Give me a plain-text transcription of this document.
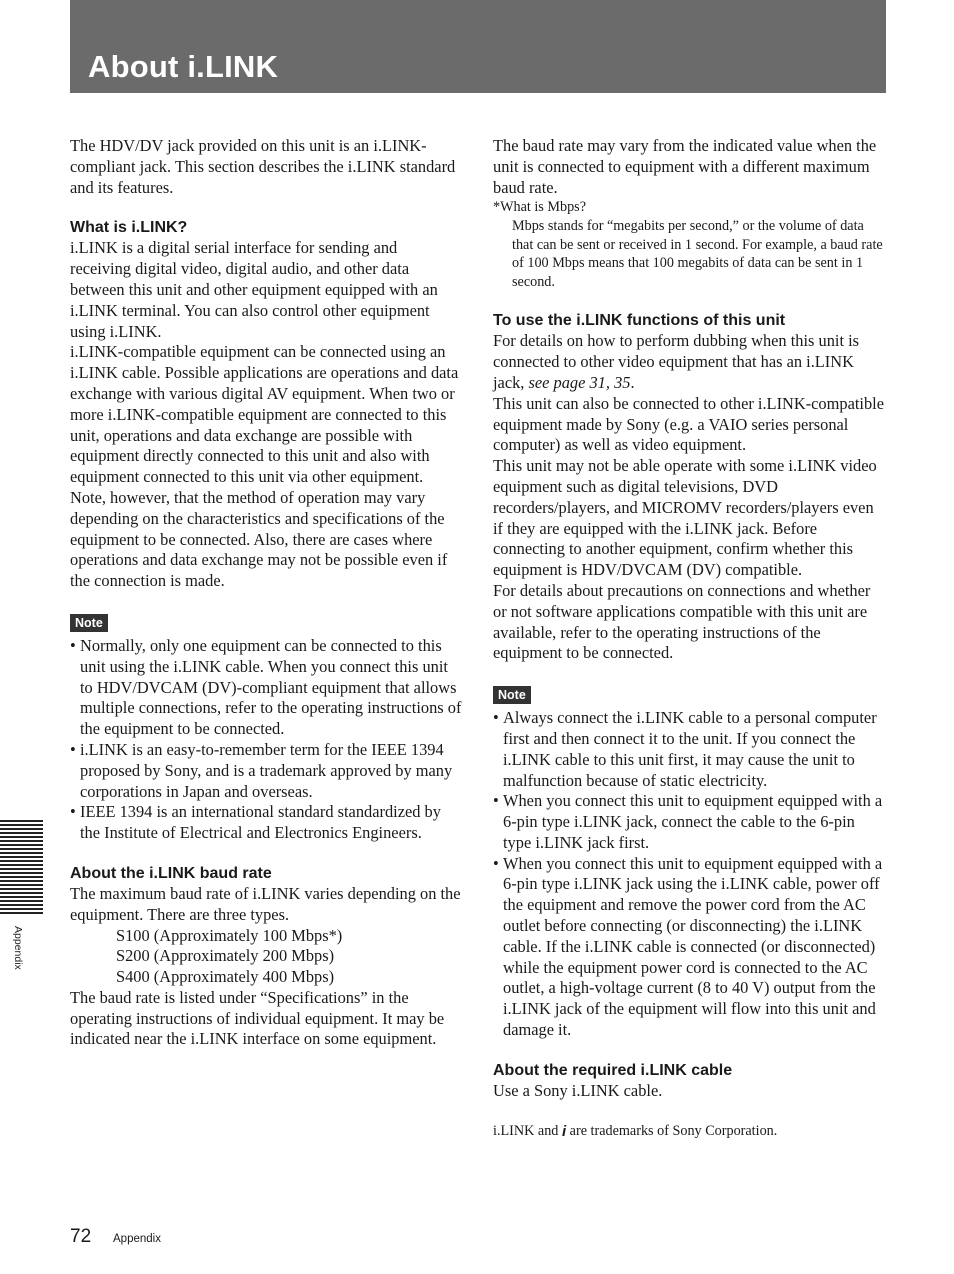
About i.LINK

The HDV/DV jack provided on this unit is an i.LINK-compliant jack. This section describes the i.LINK standard and its features.

What is i.LINK?

i.LINK is a digital serial interface for sending and receiving digital video, digital audio, and other data between this unit and other equipment equipped with an i.LINK terminal. You can also control other equipment using i.LINK.

i.LINK-compatible equipment can be connected using an i.LINK cable. Possible applications are operations and data exchange with various digital AV equipment. When two or more i.LINK-compatible equipment are connected to this unit, operations and data exchange are possible with equipment directly connected to this unit and also with equipment connected to this unit via other equipment.

Note, however, that the method of operation may vary depending on the characteristics and specifications of the equipment to be connected. Also, there are cases where operations and data exchange may not be possible even if the connection is made.

Note
• Normally, only one equipment can be connected to this unit using the i.LINK cable. When you connect this unit to HDV/DVCAM (DV)-compliant equipment that allows multiple connections, refer to the operating instructions of the equipment to be connected.
• i.LINK is an easy-to-remember term for the IEEE 1394 proposed by Sony, and is a trademark approved by many corporations in Japan and overseas.
• IEEE 1394 is an international standard standardized by the Institute of Electrical and Electronics Engineers.
About the i.LINK baud rate

The maximum baud rate of i.LINK varies depending on the equipment. There are three types.

S100 (Approximately 100 Mbps*)

S200 (Approximately 200 Mbps)

S400 (Approximately 400 Mbps)

The baud rate is listed under “Specifications” in the operating instructions of individual equipment. It may be indicated near the i.LINK interface on some equipment.

The baud rate may vary from the indicated value when the unit is connected to equipment with a different maximum baud rate.

*What is Mbps?

Mbps stands for “megabits per second,” or the volume of data that can be sent or received in 1 second. For example, a baud rate of 100 Mbps means that 100 megabits of data can be sent in 1 second.

To use the i.LINK functions of this unit

For details on how to perform dubbing when this unit is connected to other video equipment that has an i.LINK jack, see page 31, 35.

This unit can also be connected to other i.LINK-compatible equipment made by Sony (e.g. a VAIO series personal computer) as well as video equipment.

This unit may not be able operate with some i.LINK video equipment such as digital televisions, DVD recorders/players, and MICROMV recorders/players even if they are equipped with the i.LINK jack. Before connecting to another equipment, confirm whether this equipment is HDV/DVCAM (DV) compatible.

For details about precautions on connections and whether or not software applications compatible with this unit are available, refer to the operating instructions of the equipment to be connected.

Note
• Always connect the i.LINK cable to a personal computer first and then connect it to the unit. If you connect the i.LINK cable to this unit first, it may cause the unit to malfunction because of static electricity.
• When you connect this unit to equipment equipped with a 6-pin type i.LINK jack, connect the cable to the 6-pin type i.LINK jack first.
• When you connect this unit to equipment equipped with a 6-pin type i.LINK jack using the i.LINK cable, power off the equipment and remove the power cord from the AC outlet before connecting (or disconnecting) the i.LINK cable. If the i.LINK cable is connected (or disconnected) while the equipment power cord is connected to the AC outlet, a high-voltage current (8 to 40 V) output from the i.LINK jack of the equipment will flow into this unit and damage it.
About the required i.LINK cable

Use a Sony i.LINK cable.

i.LINK and i are trademarks of Sony Corporation.

Appendix
72 Appendix
